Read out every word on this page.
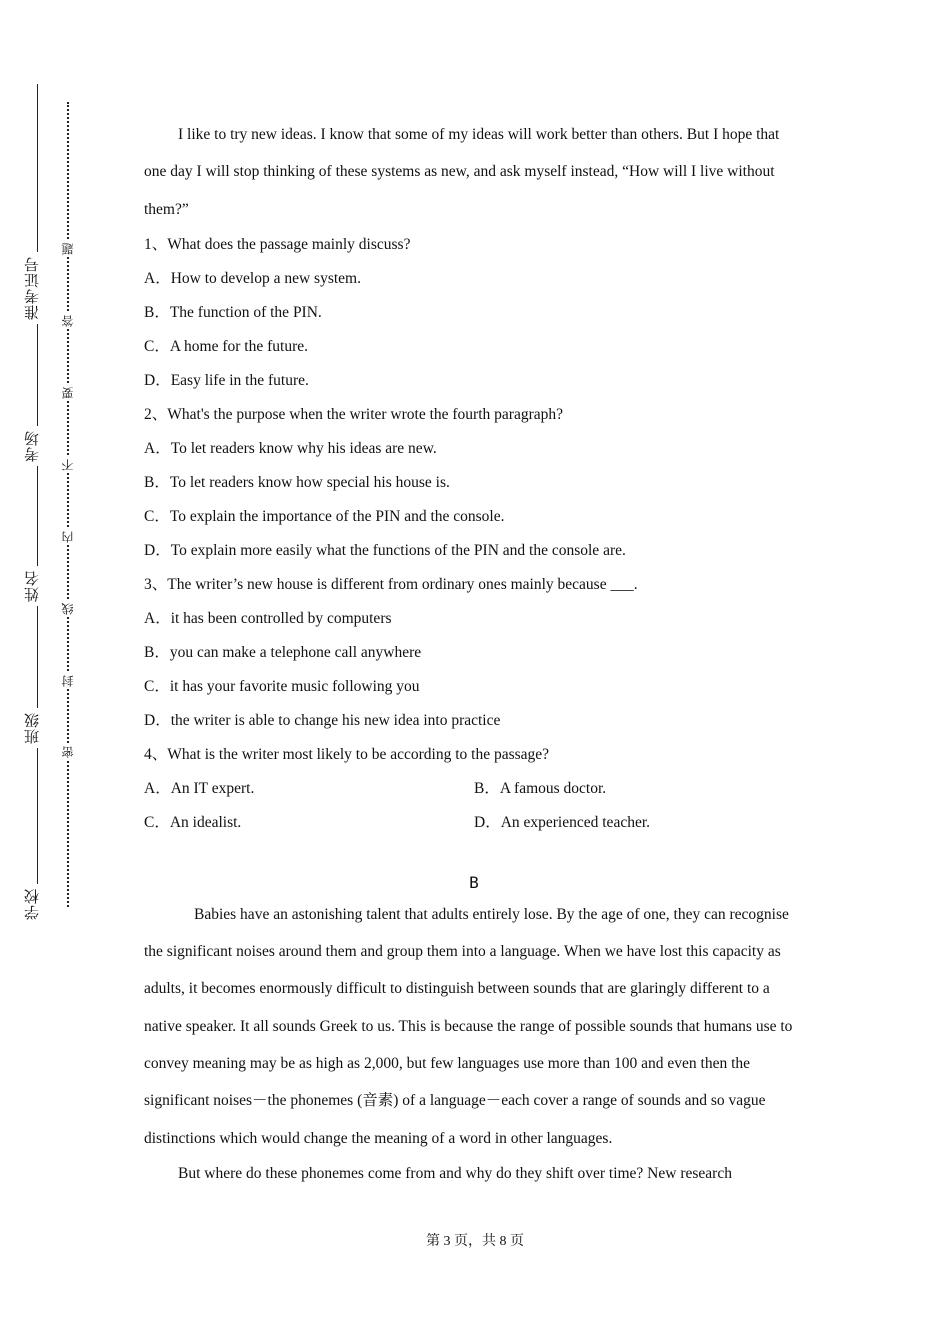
学校
班级
姓名
考场
准考证号
密
封
线
内
不
要
答
题

I like to try new ideas. I know that some of my ideas will work better than others. But I hope that one day I will stop thinking of these systems as new, and ask myself instead, “How will I live without them?”

1、What does the passage mainly discuss?
A．How to develop a new system.
B．The function of the PIN.
C．A home for the future.
D．Easy life in the future.
2、What's the purpose when the writer wrote the fourth paragraph?
A．To let readers know why his ideas are new.
B．To let readers know how special his house is.
C．To explain the importance of the PIN and the console.
D．To explain more easily what the functions of the PIN and the console are.
3、The writer’s new house is different from ordinary ones mainly because ___.
A．it has been controlled by computers
B．you can make a telephone call anywhere
C．it has your favorite music following you
D．the writer is able to change his new idea into practice
4、What is the writer most likely to be according to the passage?
A．An IT expert.	B．A famous doctor.
C．An idealist.	D．An experienced teacher.
B

Babies have an astonishing talent that adults entirely lose. By the age of one, they can recognise the significant noises around them and group them into a language. When we have lost this capacity as adults, it becomes enormously difficult to distinguish between sounds that are glaringly different to a native speaker. It all sounds Greek to us. This is because the range of possible sounds that humans use to convey meaning may be as high as 2,000, but few languages use more than 100 and even then the significant noises－the phonemes (音素) of a language－each cover a range of sounds and so vague distinctions which would change the meaning of a word in other languages.

But where do these phonemes come from and why do they shift over time? New research

第 3 页，共 8 页
